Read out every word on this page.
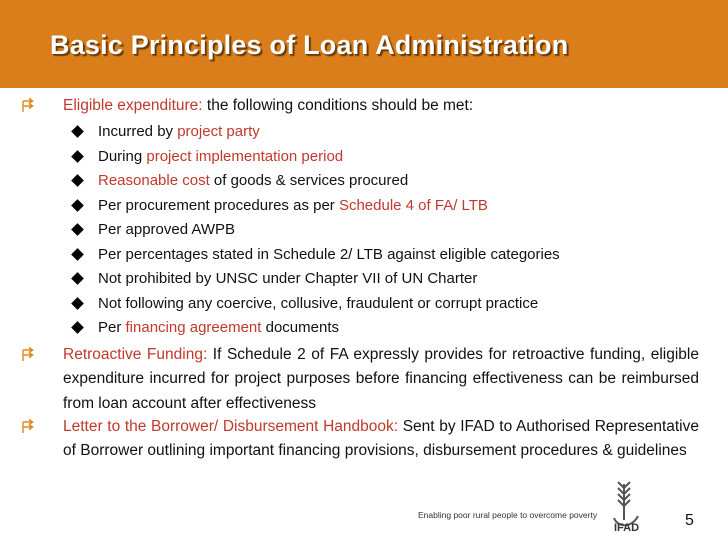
Basic Principles of Loan Administration
Eligible expenditure: the following conditions should be met:
Incurred by project party
During project implementation period
Reasonable cost of goods & services procured
Per procurement procedures as per Schedule 4 of FA/ LTB
Per approved AWPB
Per percentages stated in Schedule 2/ LTB against eligible categories
Not prohibited by UNSC under Chapter VII of UN Charter
Not following any coercive, collusive, fraudulent or corrupt practice
Per financing agreement documents
Retroactive Funding: If Schedule 2 of FA expressly provides for retroactive funding, eligible expenditure incurred for project purposes before financing effectiveness can be reimbursed from loan account after effectiveness
Letter to the Borrower/ Disbursement Handbook: Sent by IFAD to Authorised Representative of Borrower outlining important financing provisions, disbursement procedures & guidelines
Enabling poor rural people to overcome poverty
IFAD	5
